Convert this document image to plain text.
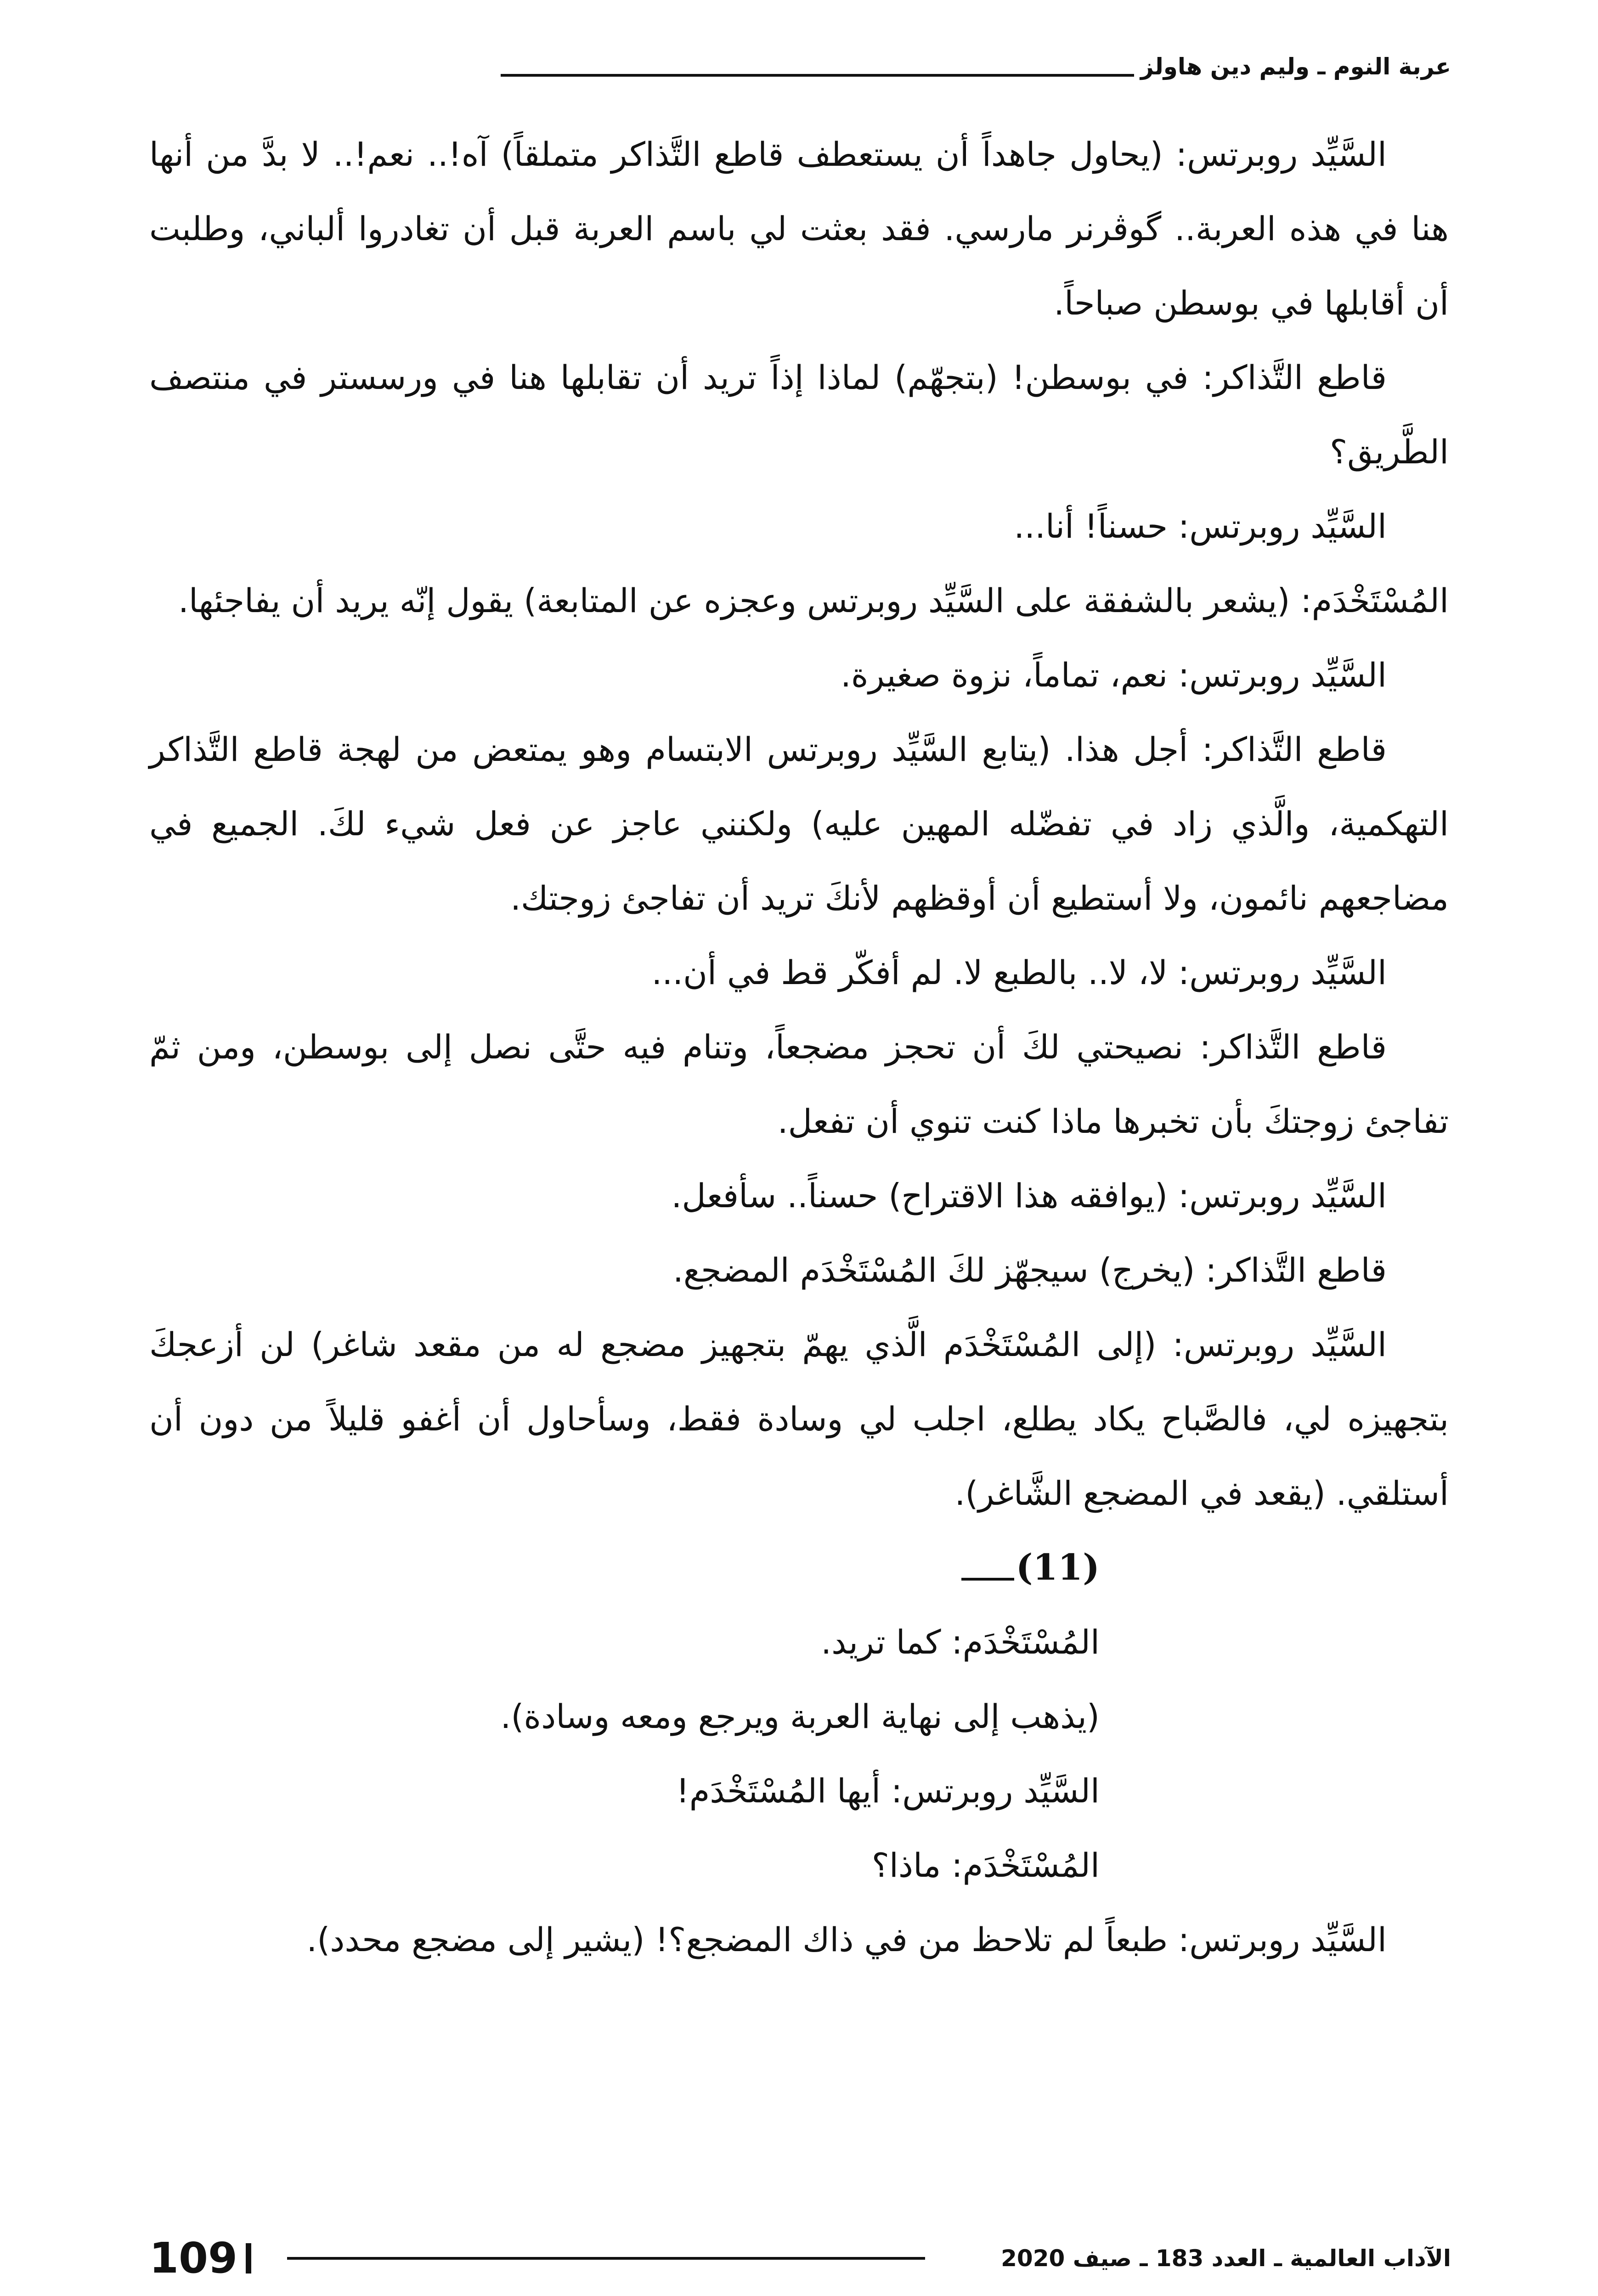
عربة النوم ـ وليم دين هاولز

السَّيِّد روبرتس: (يحاول جاهداً أن يستعطف قاطع التَّذاكر متملقاً) آه!.. نعم!.. لا بدَّ من أنها هنا في هذه العربة.. گوڤرنر مارسي. فقد بعثت لي باسم العربة قبل أن تغادروا ألباني، وطلبت أن أقابلها في بوسطن صباحاً.

قاطع التَّذاكر: في بوسطن! (بتجهّم) لماذا إذاً تريد أن تقابلها هنا في ورسستر في منتصف الطَّريق؟

السَّيِّد روبرتس: حسناً! أنا...

المُسْتَخْدَم: (يشعر بالشفقة على السَّيِّد روبرتس وعجزه عن المتابعة) يقول إنّه يريد أن يفاجئها.

السَّيِّد روبرتس: نعم، تماماً، نزوة صغيرة.

قاطع التَّذاكر: أجل هذا. (يتابع السَّيِّد روبرتس الابتسام وهو يمتعض من لهجة قاطع التَّذاكر التهكمية، والَّذي زاد في تفضّله المهين عليه) ولكنني عاجز عن فعل شيء لكَ. الجميع في مضاجعهم نائمون، ولا أستطيع أن أوقظهم لأنكَ تريد أن تفاجئ زوجتك.

السَّيِّد روبرتس: لا، لا.. بالطبع لا. لم أفكّر قط في أن...

قاطع التَّذاكر: نصيحتي لكَ أن تحجز مضجعاً، وتنام فيه حتَّى نصل إلى بوسطن، ومن ثمّ تفاجئ زوجتكَ بأن تخبرها ماذا كنت تنوي أن تفعل.

السَّيِّد روبرتس: (يوافقه هذا الاقتراح) حسناً.. سأفعل.

قاطع التَّذاكر: (يخرج) سيجهّز لكَ المُسْتَخْدَم المضجع.

السَّيِّد روبرتس: (إلى المُسْتَخْدَم الَّذي يهمّ بتجهيز مضجع له من مقعد شاغر) لن أزعجكَ بتجهيزه لي، فالصَّباح يكاد يطلع، اجلب لي وسادة فقط، وسأحاول أن أغفو قليلاً من دون أن أستلقي. (يقعد في المضجع الشَّاغر).

(11)

المُسْتَخْدَم: كما تريد.

(يذهب إلى نهاية العربة ويرجع ومعه وسادة).

السَّيِّد روبرتس: أيها المُسْتَخْدَم!

المُسْتَخْدَم: ماذا؟

السَّيِّد روبرتس: طبعاً لم تلاحظ من في ذاك المضجع؟! (يشير إلى مضجع محدد).

109	الآداب العالمية ـ العدد 183 ـ صيف 2020
